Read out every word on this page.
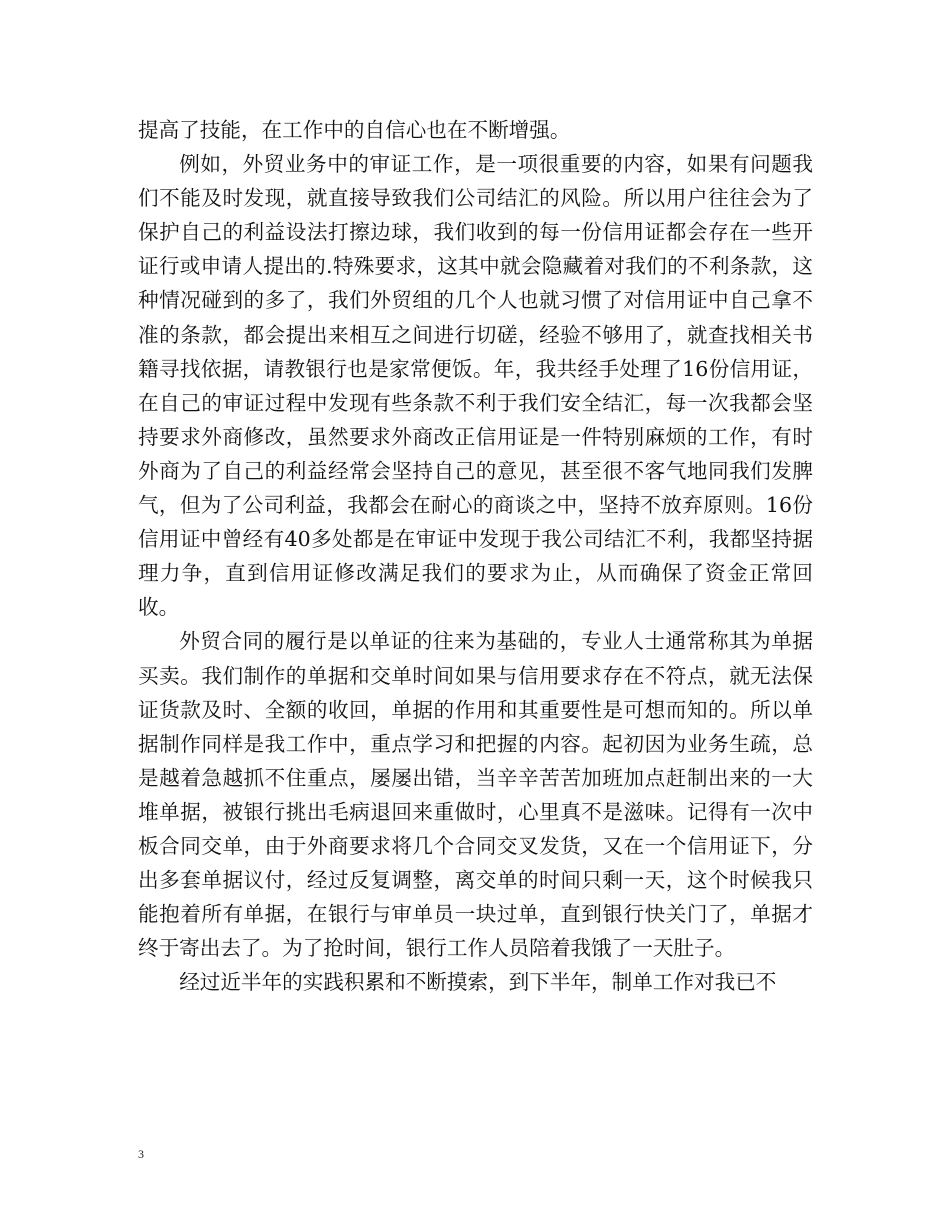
提高了技能，在工作中的自信心也在不断增强。

例如，外贸业务中的审证工作，是一项很重要的内容，如果有问题我们不能及时发现，就直接导致我们公司结汇的风险。所以用户往往会为了保护自己的利益设法打擦边球，我们收到的每一份信用证都会存在一些开证行或申请人提出的.特殊要求，这其中就会隐藏着对我们的不利条款，这种情况碰到的多了，我们外贸组的几个人也就习惯了对信用证中自己拿不准的条款，都会提出来相互之间进行切磋，经验不够用了，就查找相关书籍寻找依据，请教银行也是家常便饭。年，我共经手处理了16份信用证，在自己的审证过程中发现有些条款不利于我们安全结汇，每一次我都会坚持要求外商修改，虽然要求外商改正信用证是一件特别麻烦的工作，有时外商为了自己的利益经常会坚持自己的意见，甚至很不客气地同我们发脾气，但为了公司利益，我都会在耐心的商谈之中，坚持不放弃原则。16份信用证中曾经有40多处都是在审证中发现于我公司结汇不利，我都坚持据理力争，直到信用证修改满足我们的要求为止，从而确保了资金正常回收。

外贸合同的履行是以单证的往来为基础的，专业人士通常称其为单据买卖。我们制作的单据和交单时间如果与信用要求存在不符点，就无法保证货款及时、全额的收回，单据的作用和其重要性是可想而知的。所以单据制作同样是我工作中，重点学习和把握的内容。起初因为业务生疏，总是越着急越抓不住重点，屡屡出错，当辛辛苦苦加班加点赶制出来的一大堆单据，被银行挑出毛病退回来重做时，心里真不是滋味。记得有一次中板合同交单，由于外商要求将几个合同交叉发货，又在一个信用证下，分出多套单据议付，经过反复调整，离交单的时间只剩一天，这个时候我只能抱着所有单据，在银行与审单员一块过单，直到银行快关门了，单据才终于寄出去了。为了抢时间，银行工作人员陪着我饿了一天肚子。

经过近半年的实践积累和不断摸索，到下半年，制单工作对我已不

3
